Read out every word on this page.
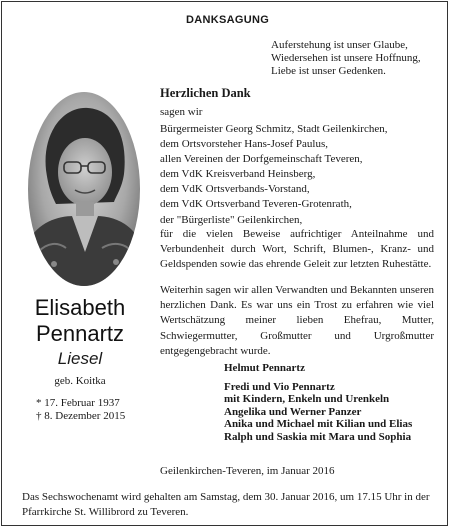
DANKSAGUNG
Auferstehung ist unser Glaube,
Wiedersehen ist unsere Hoffnung,
Liebe ist unser Gedenken.
Elisabeth
Pennartz
Liesel
geb. Koitka
* 17. Februar 1937
† 8. Dezember 2015
Herzlichen Dank
sagen wir
Bürgermeister Georg Schmitz, Stadt Geilenkirchen,
dem Ortsvorsteher Hans-Josef Paulus,
allen Vereinen der Dorfgemeinschaft Teveren,
dem VdK Kreisverband Heinsberg,
dem VdK Ortsverbands-Vorstand,
dem VdK Ortsverband Teveren-Grotenrath,
der "Bürgerliste" Geilenkirchen,
für die vielen Beweise aufrichtiger Anteilnahme und Verbundenheit durch Wort, Schrift, Blumen-, Kranz- und Geldspenden sowie das ehrende Geleit zur letzten Ruhestätte.
Weiterhin sagen wir allen Verwandten und Bekannten unseren herzlichen Dank. Es war uns ein Trost zu erfahren wie viel Wertschätzung meiner lieben Ehefrau, Mutter, Schwiegermutter, Großmutter und Urgroßmutter entgegengebracht wurde.
Helmut Pennartz
Fredi und Vio Pennartz
mit Kindern, Enkeln und Urenkeln
Angelika und Werner Panzer
Anika und Michael mit Kilian und Elias
Ralph und Saskia mit Mara und Sophia
Geilenkirchen-Teveren, im Januar 2016
Das Sechswochenamt wird gehalten am Samstag, dem 30. Januar 2016, um 17.15 Uhr in der Pfarrkirche St. Willibrord zu Teveren.
